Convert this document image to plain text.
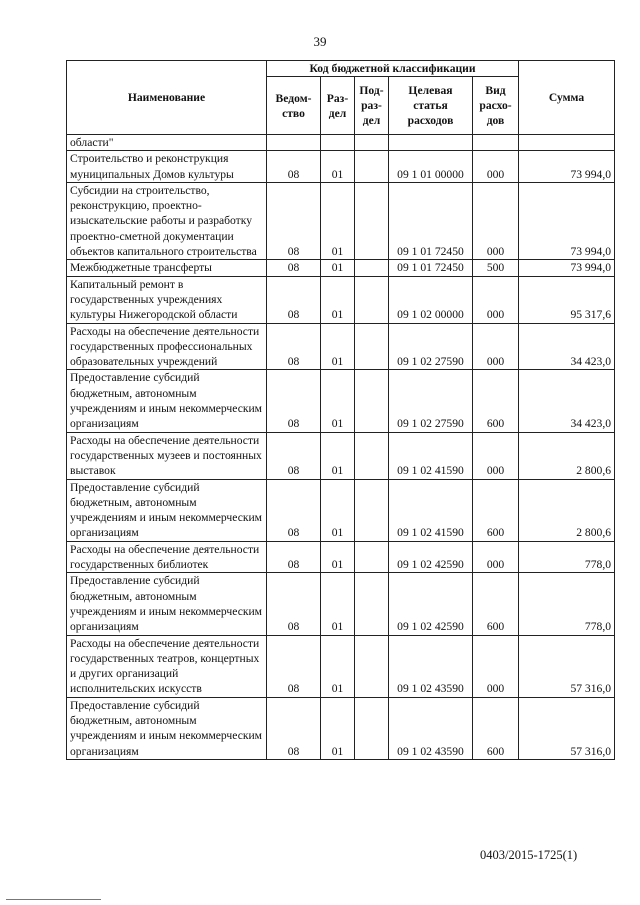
39
Наименование	Код бюджетной классификации					Сумма
	Ведом-ство	Раз-дел	Под-раз-дел	Целевая статья расходов	Вид расхо-дов	
области"						
Строительство и реконструкция муниципальных Домов культуры	08	01		09 1 01 00000	000	73 994,0
Субсидии на строительство, реконструкцию, проектно-изыскательские работы и разработку проектно-сметной документации объектов капитального строительства	08	01		09 1 01 72450	000	73 994,0
Межбюджетные трансферты	08	01		09 1 01 72450	500	73 994,0
Капитальный ремонт в государственных учреждениях культуры Нижегородской области	08	01		09 1 02 00000	000	95 317,6
Расходы на обеспечение деятельности государственных профессиональных образовательных учреждений	08	01		09 1 02 27590	000	34 423,0
Предоставление субсидий бюджетным, автономным учреждениям и иным некоммерческим организациям	08	01		09 1 02 27590	600	34 423,0
Расходы на обеспечение деятельности государственных музеев и постоянных выставок	08	01		09 1 02 41590	000	2 800,6
Предоставление субсидий бюджетным, автономным учреждениям и иным некоммерческим организациям	08	01		09 1 02 41590	600	2 800,6
Расходы на обеспечение деятельности государственных библиотек	08	01		09 1 02 42590	000	778,0
Предоставление субсидий бюджетным, автономным учреждениям и иным некоммерческим организациям	08	01		09 1 02 42590	600	778,0
Расходы на обеспечение деятельности государственных театров, концертных и других организаций исполнительских искусств	08	01		09 1 02 43590	000	57 316,0
Предоставление субсидий бюджетным, автономным учреждениям и иным некоммерческим организациям	08	01		09 1 02 43590	600	57 316,0
0403/2015-1725(1)
